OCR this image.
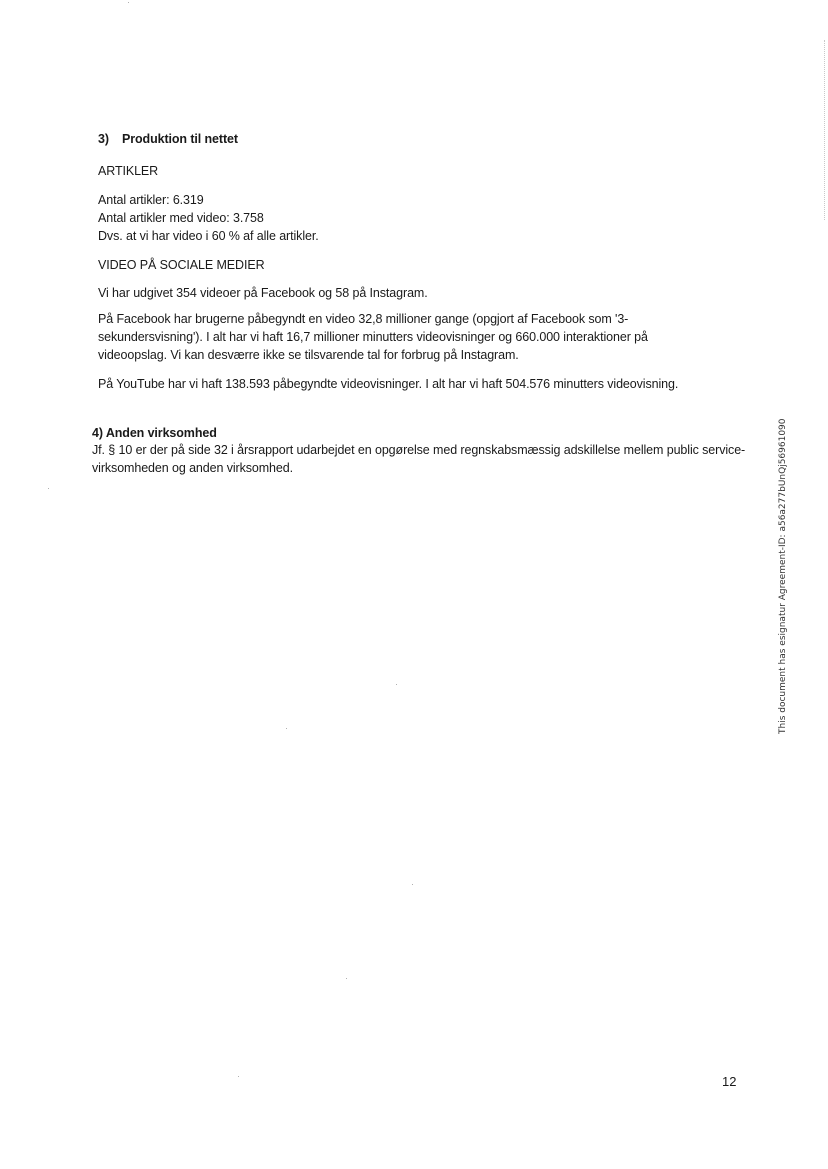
3) Produktion til nettet
ARTIKLER
Antal artikler: 6.319
Antal artikler med video: 3.758
Dvs. at vi har video i 60 % af alle artikler.
VIDEO PÅ SOCIALE MEDIER
Vi har udgivet 354 videoer på Facebook og 58 på Instagram.
På Facebook har brugerne påbegyndt en video 32,8 millioner gange (opgjort af Facebook som '3-sekundersvisning'). I alt har vi haft 16,7 millioner minutters videovisninger og 660.000 interaktioner på videoopslag. Vi kan desværre ikke se tilsvarende tal for forbrug på Instagram.
På YouTube har vi haft 138.593 påbegyndte videovisninger. I alt har vi haft 504.576 minutters videovisning.
4) Anden virksomhed
Jf. § 10 er der på side 32 i årsrapport udarbejdet en opgørelse med regnskabsmæssig adskillelse mellem public service-virksomheden og anden virksomhed.
12
This document has esignatur Agreement-ID: a56a277bUnQj56961090
